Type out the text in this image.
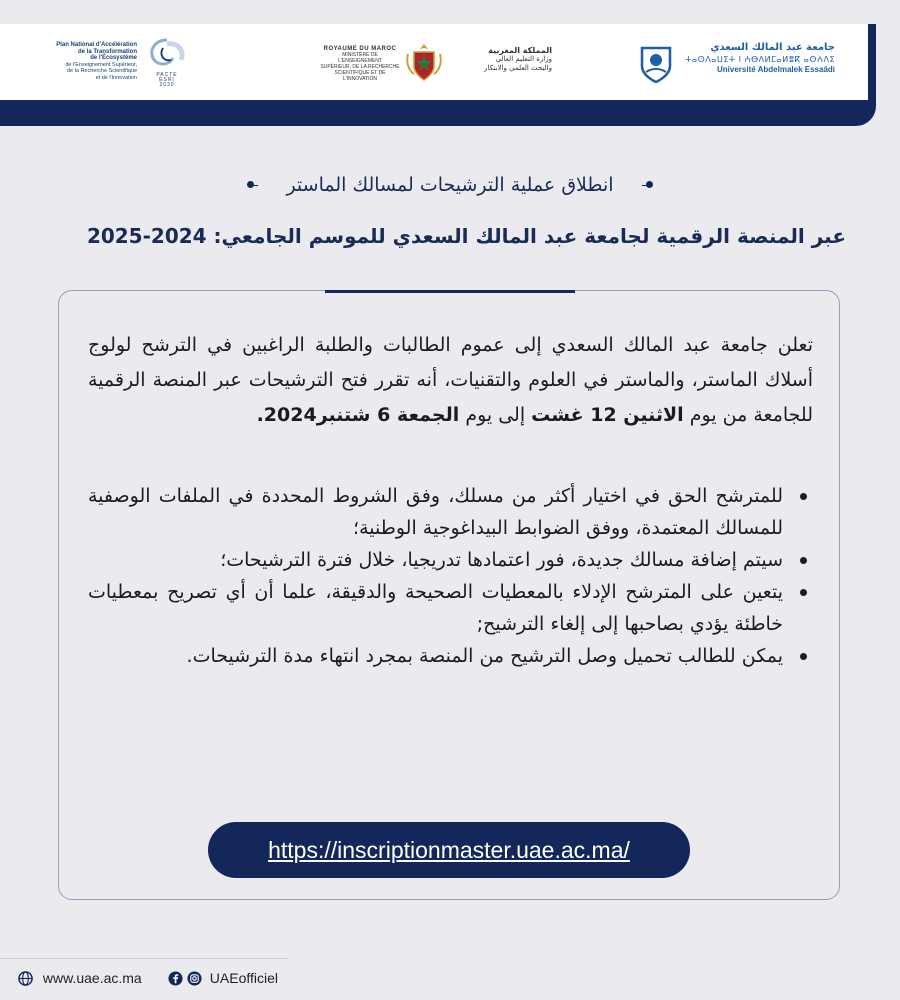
Plan National d'Accélération
de la Transformation
de l'Écosystème
de l'Enseignement Supérieur,
de la Recherche Scientifique
et de l'Innovation	PACTE
ESRI
2030
ROYAUME DU MAROC
MINISTÈRE DE L'ENSEIGNEMENT
SUPÉRIEUR, DE LA RECHERCHE
SCIENTIFIQUE ET DE L'INNOVATION
المملكة المغربية
وزارة التعليم العالي
والبحث العلمي والابتكار
جامعة عبد المالك السعدي
ⵜⴰⵙⴷⴰⵡⵉⵜ ⵏ ⵄⴱⴷⵍⵎⴰⵍⴻⴽ ⴰⵙⵄⴷⵉ
Université Abdelmalek Essaâdi
انطلاق عملية الترشيحات لمسالك الماستر
عبر المنصة الرقمية لجامعة عبد المالك السعدي للموسم الجامعي: 2024-2025
تعلن جامعة عبد المالك السعدي إلى عموم الطالبات والطلبة الراغبين في الترشح لولوج أسلاك الماستر، والماستر في العلوم والتقنيات، أنه تقرر فتح الترشيحات عبر المنصة الرقمية للجامعة من يوم الاثنين 12 غشت إلى يوم الجمعة 6 شتنبر2024.
للمترشح الحق في اختيار أكثر من مسلك، وفق الشروط المحددة في الملفات الوصفية للمسالك المعتمدة، ووفق الضوابط البيداغوجية الوطنية؛
سيتم إضافة مسالك جديدة، فور اعتمادها تدريجيا، خلال فترة الترشيحات؛
يتعين على المترشح الإدلاء بالمعطيات الصحيحة والدقيقة، علما أن أي تصريح بمعطيات خاطئة يؤدي بصاحبها إلى إلغاء الترشيح;
يمكن للطالب تحميل وصل الترشيح من المنصة بمجرد انتهاء مدة الترشيحات.
https://inscriptionmaster.uae.ac.ma/
www.uae.ac.ma	UAEofficiel
